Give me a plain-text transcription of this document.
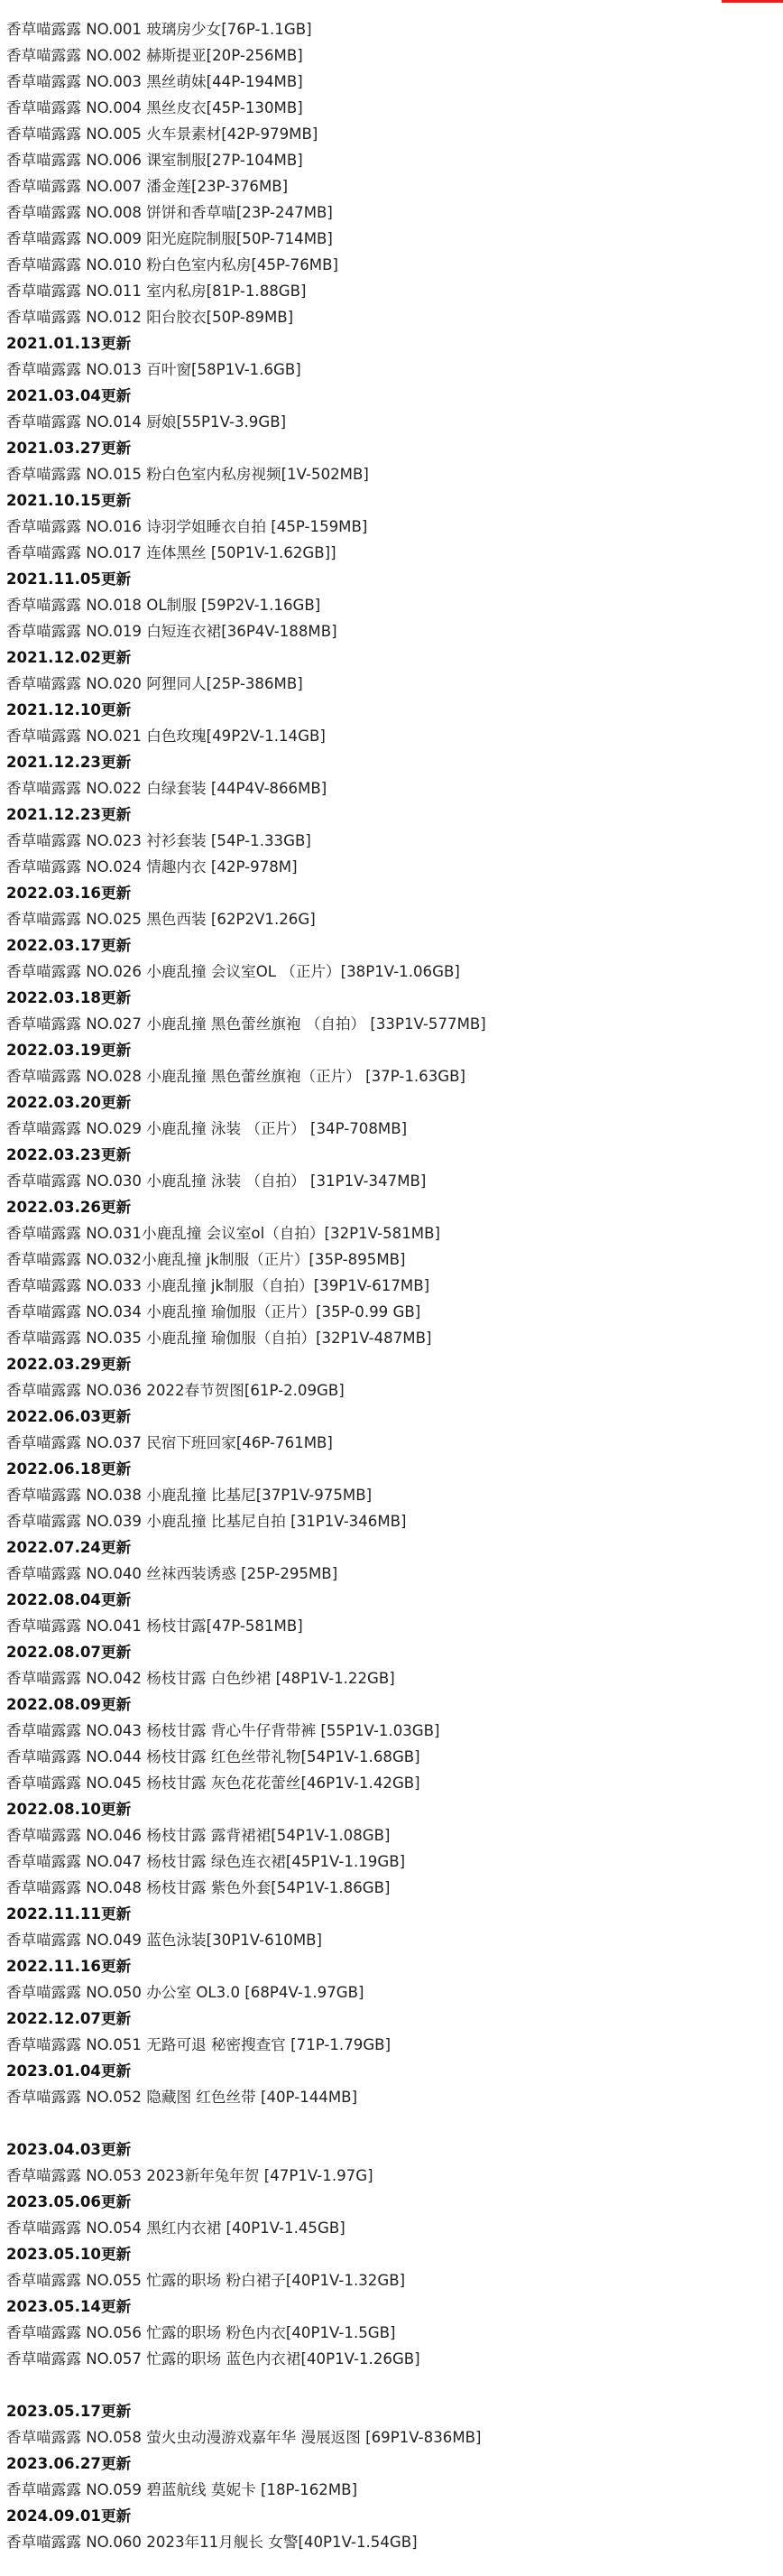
香草喵露露 NO.001 玻璃房少女[76P-1.1GB]
香草喵露露 NO.002 赫斯提亚[20P-256MB]
香草喵露露 NO.003 黑丝萌妹[44P-194MB]
香草喵露露 NO.004 黑丝皮衣[45P-130MB]
香草喵露露 NO.005 火车景素材[42P-979MB]
香草喵露露 NO.006 课室制服[27P-104MB]
香草喵露露 NO.007 潘金莲[23P-376MB]
香草喵露露 NO.008 饼饼和香草喵[23P-247MB]
香草喵露露 NO.009 阳光庭院制服[50P-714MB]
香草喵露露 NO.010 粉白色室内私房[45P-76MB]
香草喵露露 NO.011 室内私房[81P-1.88GB]
香草喵露露 NO.012 阳台胶衣[50P-89MB]
2021.01.13更新
香草喵露露 NO.013 百叶窗[58P1V-1.6GB]
2021.03.04更新
香草喵露露 NO.014 厨娘[55P1V-3.9GB]
2021.03.27更新
香草喵露露 NO.015 粉白色室内私房视频[1V-502MB]
2021.10.15更新
香草喵露露 NO.016 诗羽学姐睡衣自拍 [45P-159MB]
香草喵露露 NO.017 连体黑丝 [50P1V-1.62GB]]
2021.11.05更新
香草喵露露 NO.018 OL制服 [59P2V-1.16GB]
香草喵露露 NO.019 白短连衣裙[36P4V-188MB]
2021.12.02更新
香草喵露露 NO.020 阿狸同人[25P-386MB]
2021.12.10更新
香草喵露露 NO.021 白色玫瑰[49P2V-1.14GB]
2021.12.23更新
香草喵露露 NO.022 白绿套装 [44P4V-866MB]
2021.12.23更新
香草喵露露 NO.023 衬衫套装 [54P-1.33GB]
香草喵露露 NO.024 情趣内衣 [42P-978M]
2022.03.16更新
香草喵露露 NO.025 黑色西装 [62P2V1.26G]
2022.03.17更新
香草喵露露 NO.026 小鹿乱撞 会议室OL （正片）[38P1V-1.06GB]
2022.03.18更新
香草喵露露 NO.027 小鹿乱撞 黑色蕾丝旗袍 （自拍） [33P1V-577MB]
2022.03.19更新
香草喵露露 NO.028 小鹿乱撞 黑色蕾丝旗袍（正片） [37P-1.63GB]
2022.03.20更新
香草喵露露 NO.029 小鹿乱撞 泳装 （正片） [34P-708MB]
2022.03.23更新
香草喵露露 NO.030 小鹿乱撞 泳装 （自拍） [31P1V-347MB]
2022.03.26更新
香草喵露露 NO.031小鹿乱撞 会议室ol（自拍）[32P1V-581MB]
香草喵露露 NO.032小鹿乱撞 jk制服（正片）[35P-895MB]
香草喵露露 NO.033 小鹿乱撞 jk制服（自拍）[39P1V-617MB]
香草喵露露 NO.034 小鹿乱撞 瑜伽服（正片）[35P-0.99 GB]
香草喵露露 NO.035 小鹿乱撞 瑜伽服（自拍）[32P1V-487MB]
2022.03.29更新
香草喵露露 NO.036 2022春节贺图[61P-2.09GB]
2022.06.03更新
香草喵露露 NO.037 民宿下班回家[46P-761MB]
2022.06.18更新
香草喵露露 NO.038 小鹿乱撞 比基尼[37P1V-975MB]
香草喵露露 NO.039 小鹿乱撞 比基尼自拍 [31P1V-346MB]
2022.07.24更新
香草喵露露 NO.040 丝袜西装诱惑 [25P-295MB]
2022.08.04更新
香草喵露露 NO.041 杨枝甘露[47P-581MB]
2022.08.07更新
香草喵露露 NO.042 杨枝甘露 白色纱裙 [48P1V-1.22GB]
2022.08.09更新
香草喵露露 NO.043 杨枝甘露 背心牛仔背带裤 [55P1V-1.03GB]
香草喵露露 NO.044 杨枝甘露 红色丝带礼物[54P1V-1.68GB]
香草喵露露 NO.045 杨枝甘露 灰色花花蕾丝[46P1V-1.42GB]
2022.08.10更新
香草喵露露 NO.046 杨枝甘露 露背裙裙[54P1V-1.08GB]
香草喵露露 NO.047 杨枝甘露 绿色连衣裙[45P1V-1.19GB]
香草喵露露 NO.048 杨枝甘露 紫色外套[54P1V-1.86GB]
2022.11.11更新
香草喵露露 NO.049 蓝色泳装[30P1V-610MB]
2022.11.16更新
香草喵露露 NO.050 办公室 OL3.0 [68P4V-1.97GB]
2022.12.07更新
香草喵露露 NO.051 无路可退 秘密搜查官 [71P-1.79GB]
2023.01.04更新
香草喵露露 NO.052 隐藏图 红色丝带 [40P-144MB]
2023.04.03更新
香草喵露露 NO.053 2023新年兔年贺 [47P1V-1.97G]
2023.05.06更新
香草喵露露 NO.054 黑红内衣裙 [40P1V-1.45GB]
2023.05.10更新
香草喵露露 NO.055 忙露的职场 粉白裙子[40P1V-1.32GB]
2023.05.14更新
香草喵露露 NO.056 忙露的职场 粉色内衣[40P1V-1.5GB]
香草喵露露 NO.057 忙露的职场 蓝色内衣裙[40P1V-1.26GB]
2023.05.17更新
香草喵露露 NO.058 萤火虫动漫游戏嘉年华 漫展返图 [69P1V-836MB]
2023.06.27更新
香草喵露露 NO.059 碧蓝航线 莫妮卡 [18P-162MB]
2024.09.01更新
香草喵露露 NO.060 2023年11月舰长 女警[40P1V-1.54GB]
